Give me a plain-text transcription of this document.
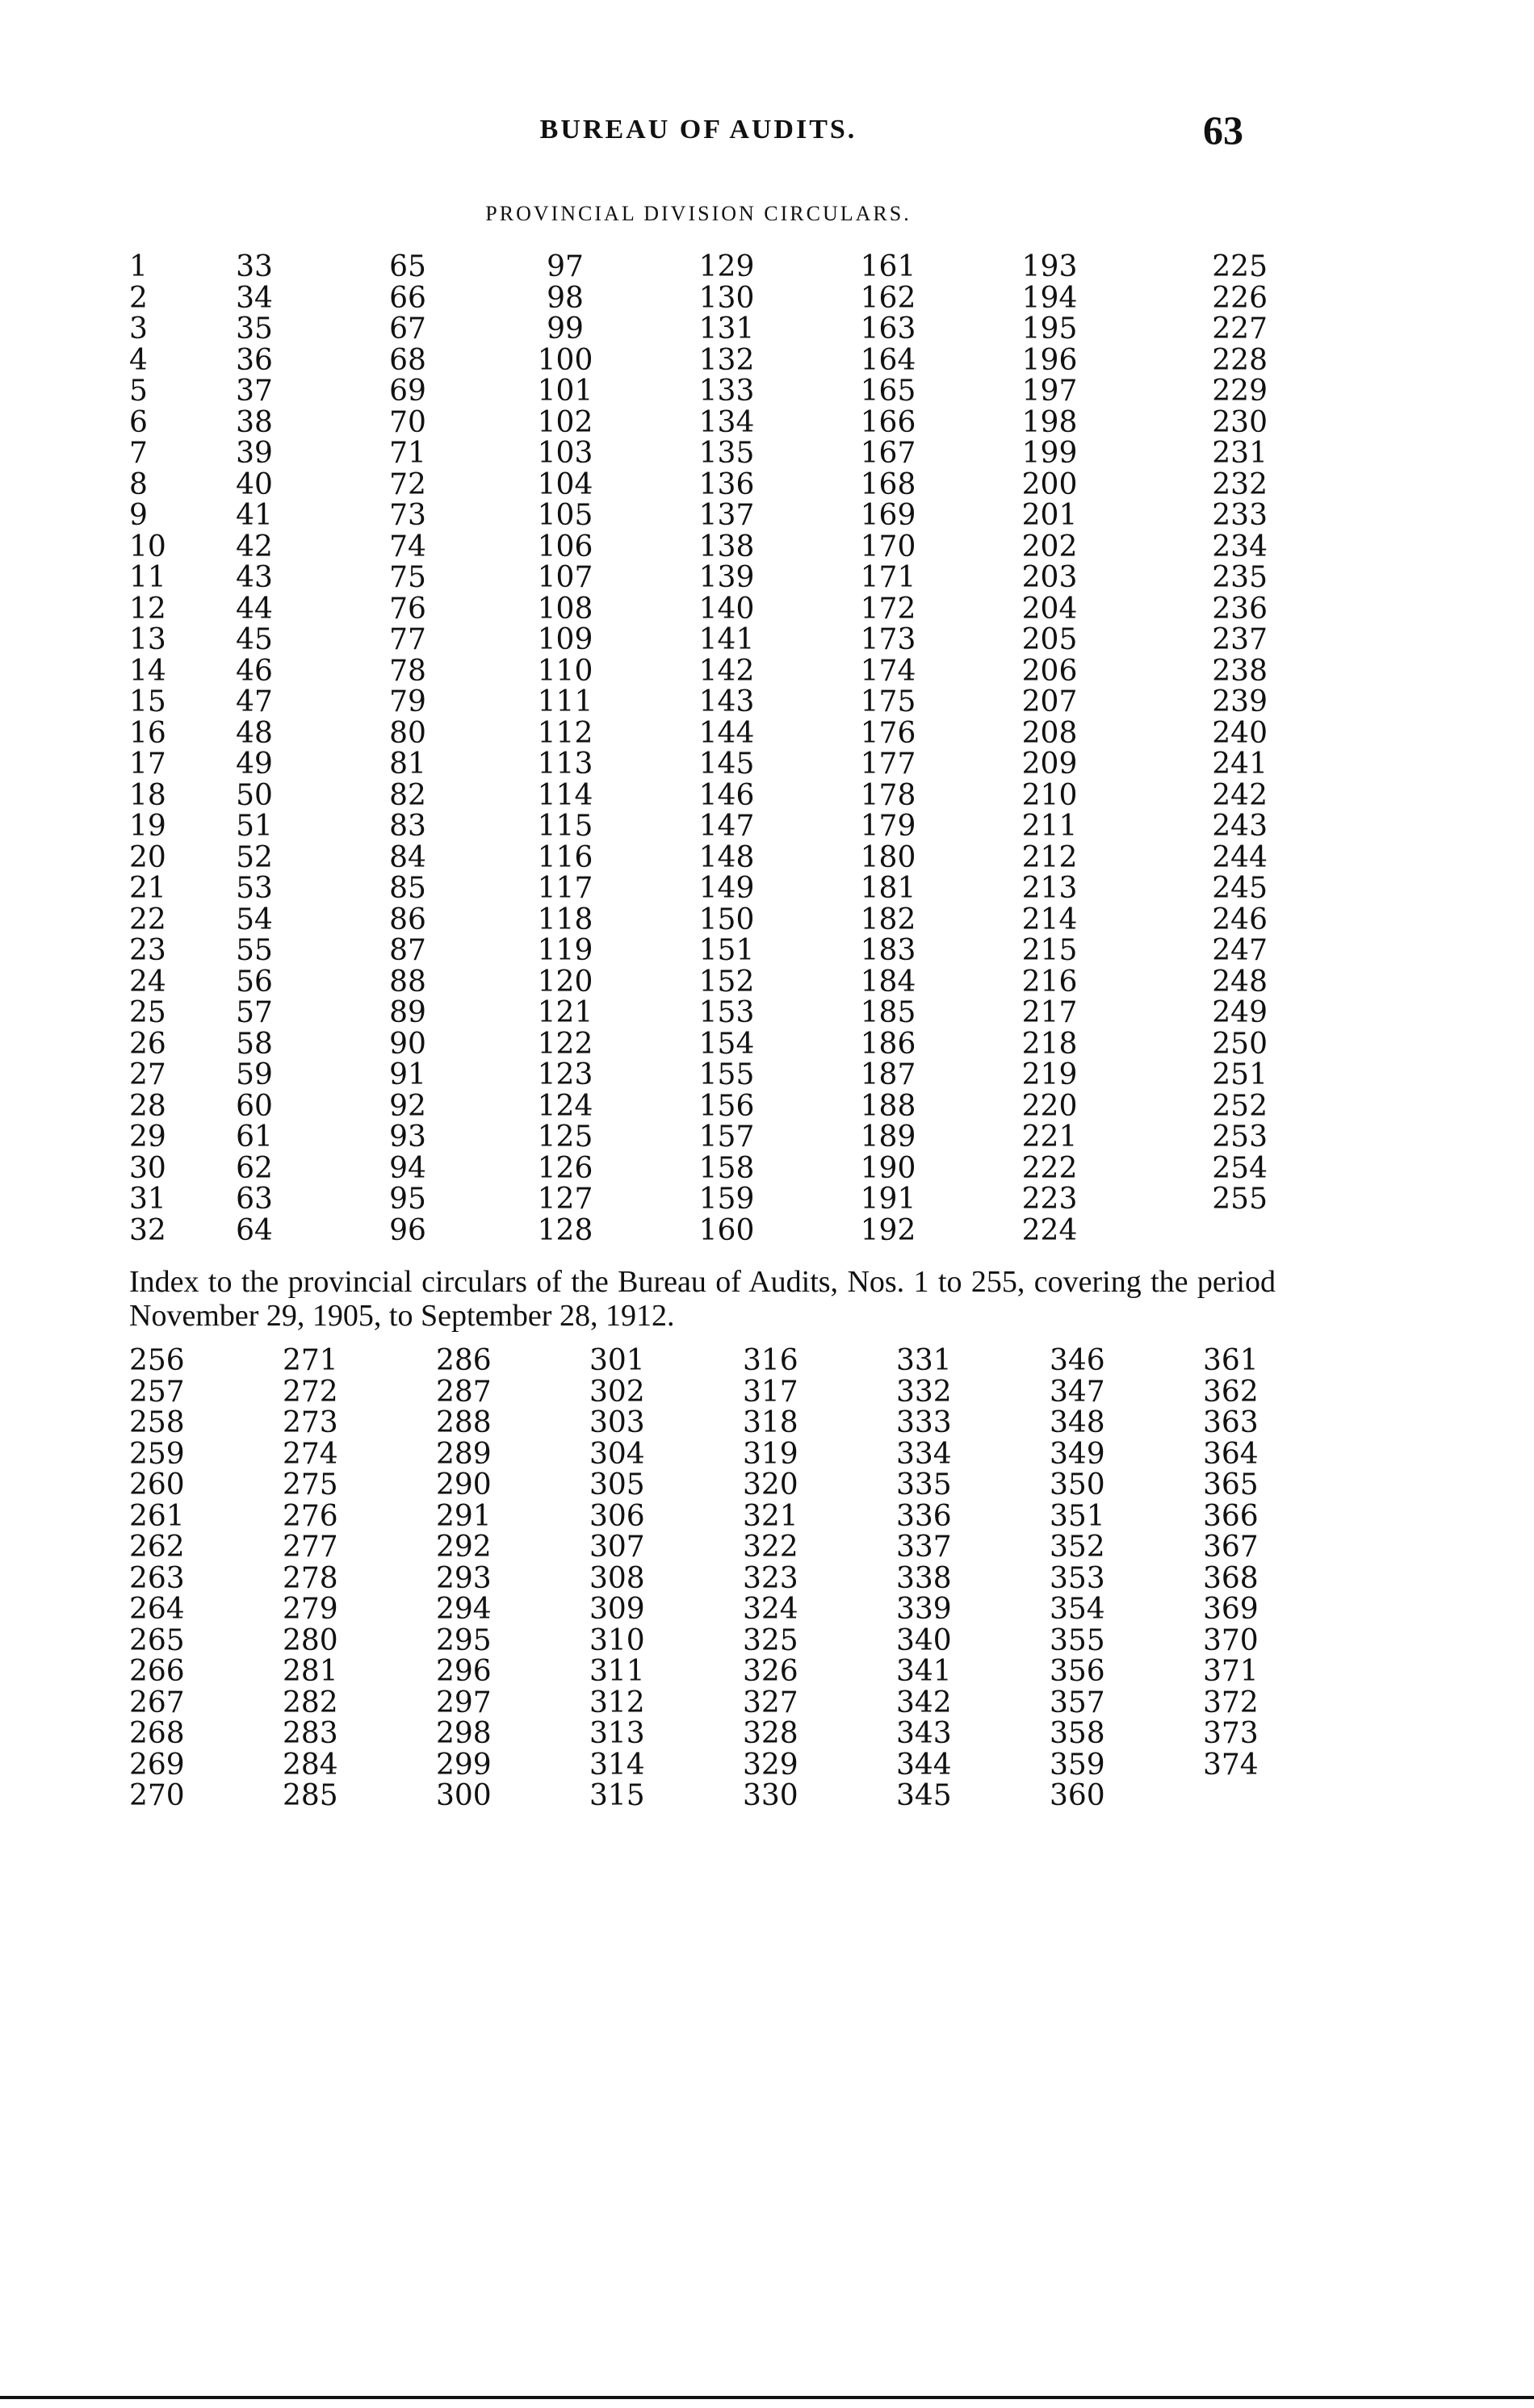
BUREAU OF AUDITS.	63
PROVINCIAL DIVISION CIRCULARS.
1	33	65	97	129	161	193	225
2	34	66	98	130	162	194	226
3	35	67	99	131	163	195	227
4	36	68	100	132	164	196	228
5	37	69	101	133	165	197	229
6	38	70	102	134	166	198	230
7	39	71	103	135	167	199	231
8	40	72	104	136	168	200	232
9	41	73	105	137	169	201	233
10	42	74	106	138	170	202	234
11	43	75	107	139	171	203	235
12	44	76	108	140	172	204	236
13	45	77	109	141	173	205	237
14	46	78	110	142	174	206	238
15	47	79	111	143	175	207	239
16	48	80	112	144	176	208	240
17	49	81	113	145	177	209	241
18	50	82	114	146	178	210	242
19	51	83	115	147	179	211	243
20	52	84	116	148	180	212	244
21	53	85	117	149	181	213	245
22	54	86	118	150	182	214	246
23	55	87	119	151	183	215	247
24	56	88	120	152	184	216	248
25	57	89	121	153	185	217	249
26	58	90	122	154	186	218	250
27	59	91	123	155	187	219	251
28	60	92	124	156	188	220	252
29	61	93	125	157	189	221	253
30	62	94	126	158	190	222	254
31	63	95	127	159	191	223	255
32	64	96	128	160	192	224	
Index to the provincial circulars of the Bureau of Audits, Nos. 1 to 255, covering the period November 29, 1905, to September 28, 1912.
256	271	286	301	316	331	346	361
257	272	287	302	317	332	347	362
258	273	288	303	318	333	348	363
259	274	289	304	319	334	349	364
260	275	290	305	320	335	350	365
261	276	291	306	321	336	351	366
262	277	292	307	322	337	352	367
263	278	293	308	323	338	353	368
264	279	294	309	324	339	354	369
265	280	295	310	325	340	355	370
266	281	296	311	326	341	356	371
267	282	297	312	327	342	357	372
268	283	298	313	328	343	358	373
269	284	299	314	329	344	359	374
270	285	300	315	330	345	360	
